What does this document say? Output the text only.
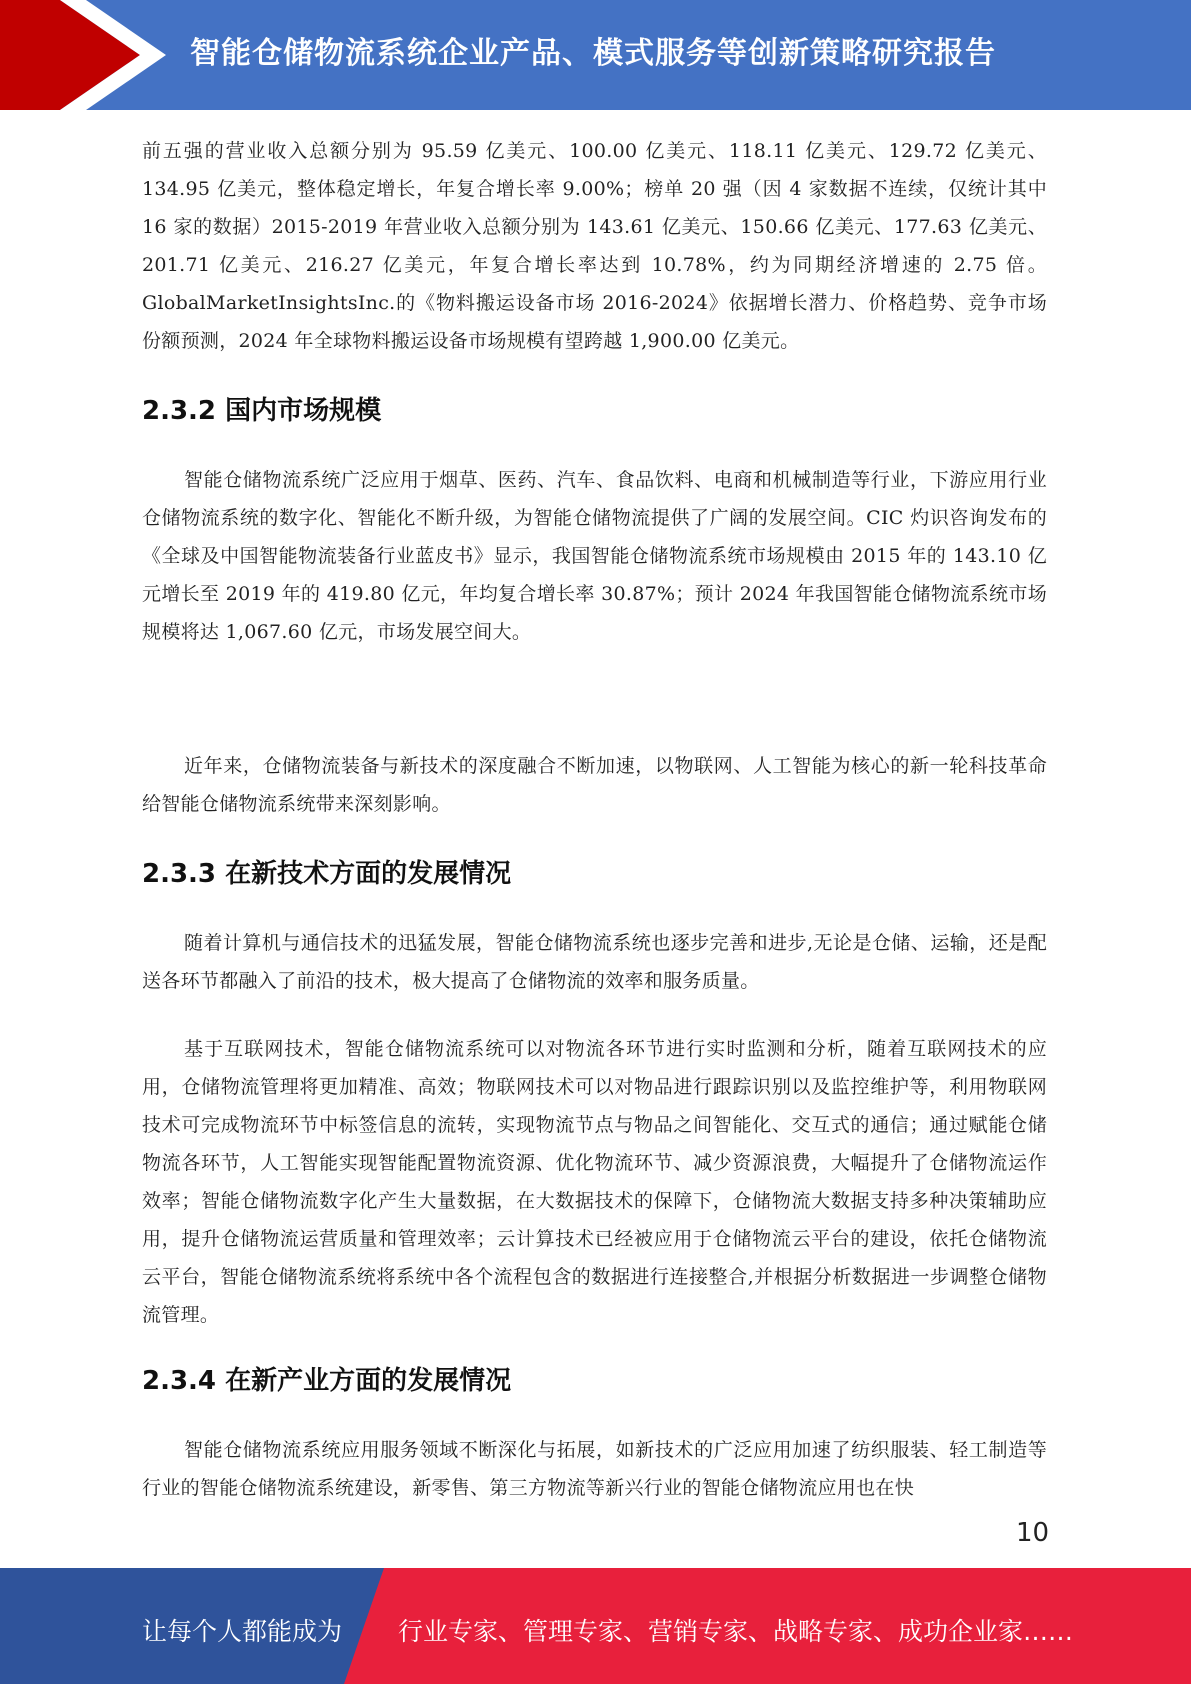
智能仓储物流系统企业产品、模式服务等创新策略研究报告

前五强的营业收入总额分别为 95.59 亿美元、100.00 亿美元、118.11 亿美元、129.72 亿美元、134.95 亿美元，整体稳定增长，年复合增长率 9.00%；榜单 20 强（因 4 家数据不连续，仅统计其中 16 家的数据）2015-2019 年营业收入总额分别为 143.61 亿美元、150.66 亿美元、177.63 亿美元、201.71 亿美元、216.27 亿美元，年复合增长率达到 10.78%，约为同期经济增速的 2.75 倍。GlobalMarketInsightsInc.的《物料搬运设备市场 2016-2024》依据增长潜力、价格趋势、竞争市场份额预测，2024 年全球物料搬运设备市场规模有望跨越 1,900.00 亿美元。

2.3.2 国内市场规模

智能仓储物流系统广泛应用于烟草、医药、汽车、食品饮料、电商和机械制造等行业，下游应用行业仓储物流系统的数字化、智能化不断升级，为智能仓储物流提供了广阔的发展空间。CIC 灼识咨询发布的《全球及中国智能物流装备行业蓝皮书》显示，我国智能仓储物流系统市场规模由 2015 年的 143.10 亿元增长至 2019 年的 419.80 亿元，年均复合增长率 30.87%；预计 2024 年我国智能仓储物流系统市场规模将达 1,067.60 亿元，市场发展空间大。

近年来，仓储物流装备与新技术的深度融合不断加速，以物联网、人工智能为核心的新一轮科技革命给智能仓储物流系统带来深刻影响。

2.3.3 在新技术方面的发展情况

随着计算机与通信技术的迅猛发展，智能仓储物流系统也逐步完善和进步,无论是仓储、运输，还是配送各环节都融入了前沿的技术，极大提高了仓储物流的效率和服务质量。

基于互联网技术，智能仓储物流系统可以对物流各环节进行实时监测和分析，随着互联网技术的应用，仓储物流管理将更加精准、高效；物联网技术可以对物品进行跟踪识别以及监控维护等，利用物联网技术可完成物流环节中标签信息的流转，实现物流节点与物品之间智能化、交互式的通信；通过赋能仓储物流各环节，人工智能实现智能配置物流资源、优化物流环节、减少资源浪费，大幅提升了仓储物流运作效率；智能仓储物流数字化产生大量数据，在大数据技术的保障下，仓储物流大数据支持多种决策辅助应用，提升仓储物流运营质量和管理效率；云计算技术已经被应用于仓储物流云平台的建设，依托仓储物流云平台，智能仓储物流系统将系统中各个流程包含的数据进行连接整合,并根据分析数据进一步调整仓储物流管理。

2.3.4 在新产业方面的发展情况

智能仓储物流系统应用服务领域不断深化与拓展，如新技术的广泛应用加速了纺织服装、轻工制造等行业的智能仓储物流系统建设，新零售、第三方物流等新兴行业的智能仓储物流应用也在快

10
让每个人都能成为 行业专家、管理专家、营销专家、战略专家、成功企业家……
